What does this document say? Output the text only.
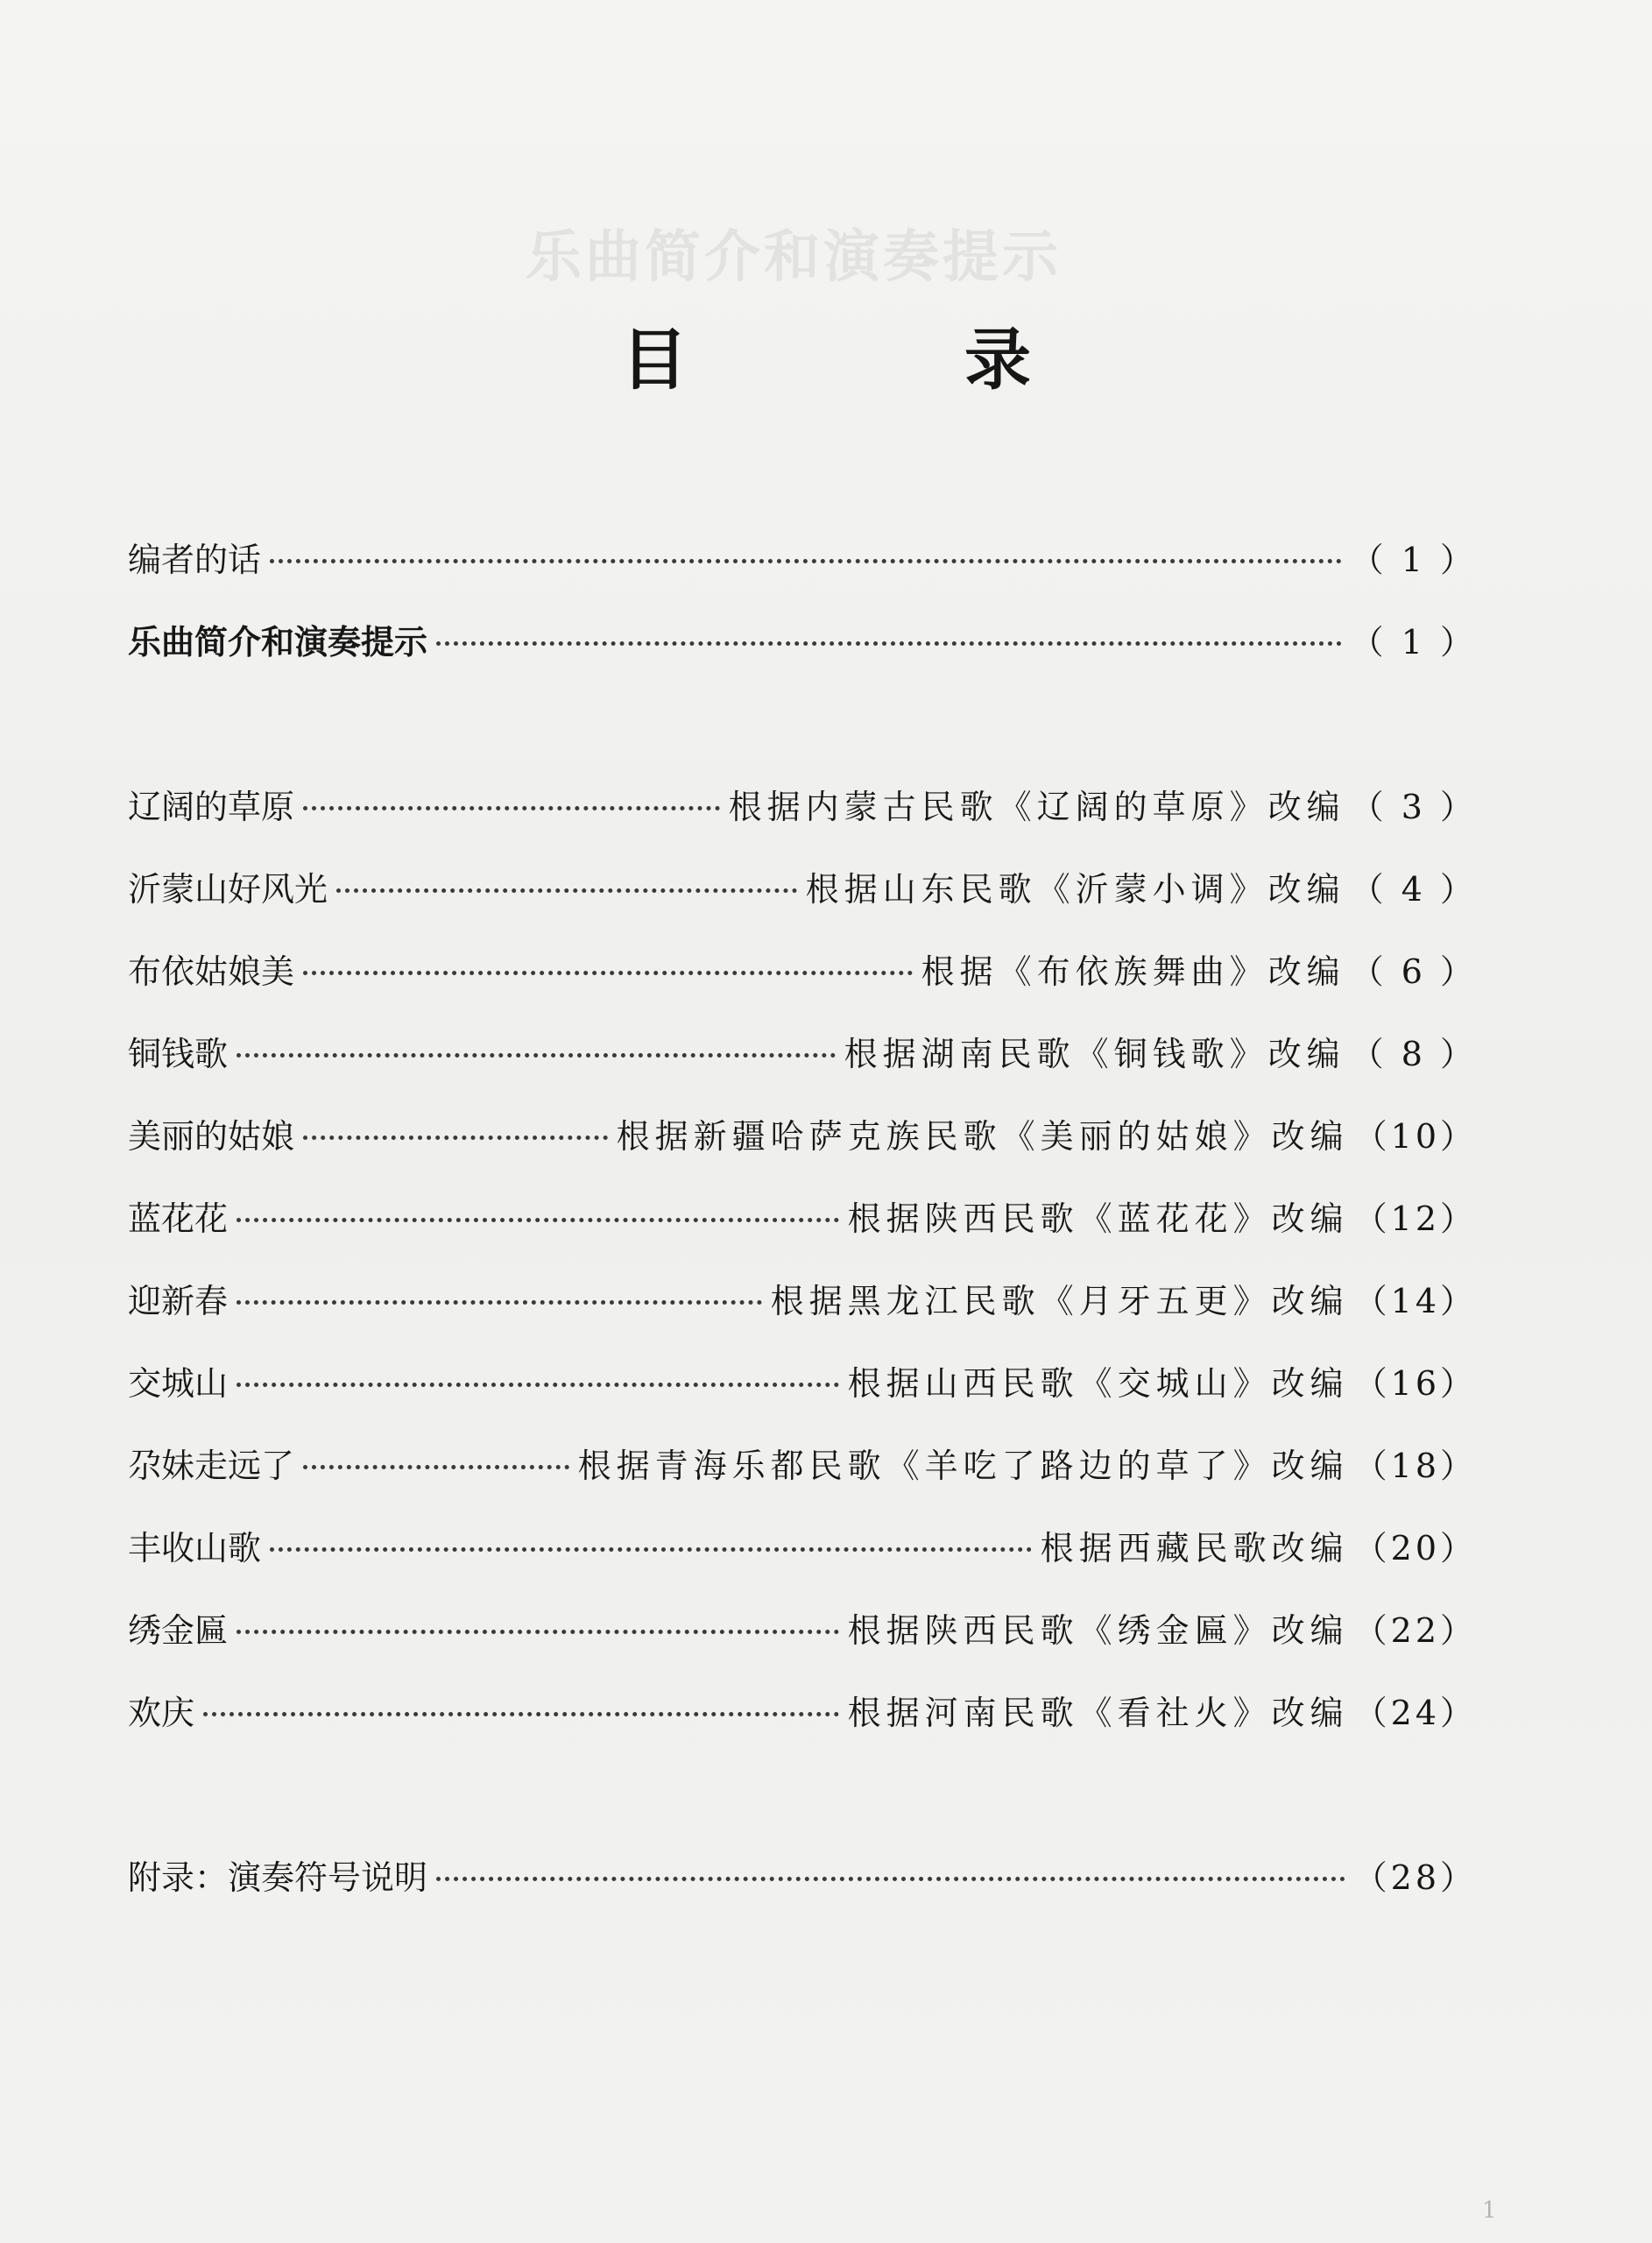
乐曲简介和演奏提示
目　录
编者的话	（ 1 ）
乐曲简介和演奏提示	（ 1 ）
辽阔的草原	根据内蒙古民歌《辽阔的草原》改编 （ 3 ）
沂蒙山好风光	根据山东民歌《沂蒙小调》改编 （ 4 ）
布依姑娘美	根据《布依族舞曲》改编 （ 6 ）
铜钱歌	根据湖南民歌《铜钱歌》改编 （ 8 ）
美丽的姑娘	根据新疆哈萨克族民歌《美丽的姑娘》改编 （10）
蓝花花	根据陕西民歌《蓝花花》改编 （12）
迎新春	根据黑龙江民歌《月牙五更》改编 （14）
交城山	根据山西民歌《交城山》改编 （16）
尕妹走远了	根据青海乐都民歌《羊吃了路边的草了》改编 （18）
丰收山歌	根据西藏民歌改编 （20）
绣金匾	根据陕西民歌《绣金匾》改编 （22）
欢庆	根据河南民歌《看社火》改编 （24）
附录：演奏符号说明	（28）
1
